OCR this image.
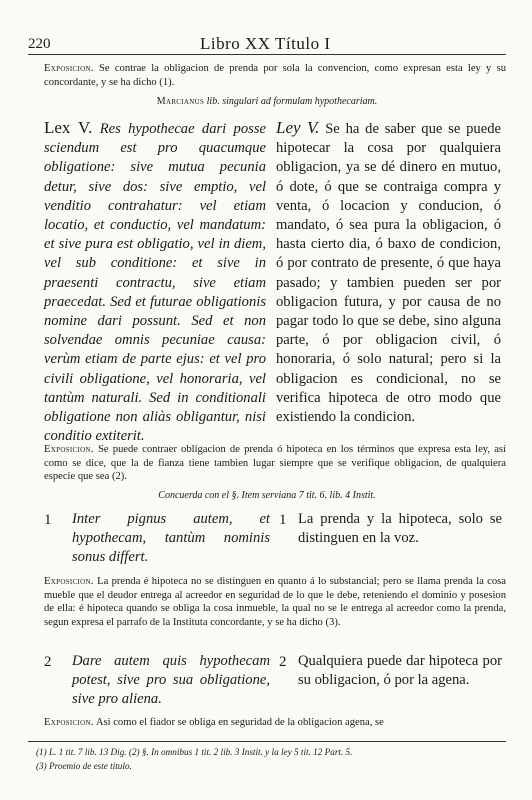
220	Libro XX Título I
Exposicion. Se contrae la obligacion de prenda por sola la convencion, como expresan esta ley y su concordante, y se ha dicho (1).
Marcianus lib. singulari ad formulam hypothecariam.
Lex V. Res hypothecae dari posse sciendum est pro quacumque obligatione: sive mutua pecunia detur, sive dos: sive emptio, vel venditio contrahatur: vel etiam locatio, et conductio, vel mandatum: et sive pura est obligatio, vel in diem, vel sub conditione: et sive in praesenti contractu, sive etiam praecedat. Sed et futurae obligationis nomine dari possunt. Sed et non solvendae omnis pecuniae causa: verùm etiam de parte ejus: et vel pro civili obligatione, vel honoraria, vel tantùm naturali. Sed in conditionali obligatione non aliàs obligantur, nisi conditio extiterit.
Ley V. Se ha de saber que se puede hipotecar la cosa por qualquiera obligacion, ya se dé dinero en mutuo, ó dote, ó que se contraiga compra y venta, ó locacion y conducion, ó mandato, ó sea pura la obligacion, ó hasta cierto dia, ó baxo de condicion, ó por contrato de presente, ó que haya pasado; y tambien pueden ser por obligacion futura, y por causa de no pagar todo lo que se debe, sino alguna parte, ó por obligacion civil, ó honoraria, ó solo natural; pero si la obligacion es condicional, no se verifica hipoteca de otro modo que existiendo la condicion.
Exposicion. Se puede contraer obligacion de prenda ó hipoteca en los términos que expresa esta ley, así como se dice, que la de fianza tiene tambien lugar siempre que se verifique obligacion, de qualquiera especie que sea (2).
Concuerda con el §. Item serviana 7 tit. 6. lib. 4 Instit.
1	Inter pignus autem, et hypothecam, tantùm nominis sonus differt.
1 La prenda y la hipoteca, solo se distinguen en la voz.
Exposicion. La prenda é hipoteca no se distinguen en quanto á lo substancial; pero se llama prenda la cosa mueble que el deudor entrega al acreedor en seguridad de lo que le debe, reteniendo el dominio y posesion de ella: é hipoteca quando se obliga la cosa inmueble, la qual no se le entrega al acreedor como la prenda, segun expresa el parrafo de la Instituta concordante, y se ha dicho (3).
2	Dare autem quis hypothecam potest, sive pro sua obligatione, sive pro aliena.
2 Qualquiera puede dar hipoteca por su obligacion, ó por la agena.
Exposicion. Asi como el fiador se obliga en seguridad de la obligacion agena, se
(1) L. 1 tit. 7 lib. 13 Dig. (2) §. In omnibus 1 tit. 2 lib. 3 Instit. y la ley 5 tit. 12 Part. 5.
(3) Proemio de este titulo.
